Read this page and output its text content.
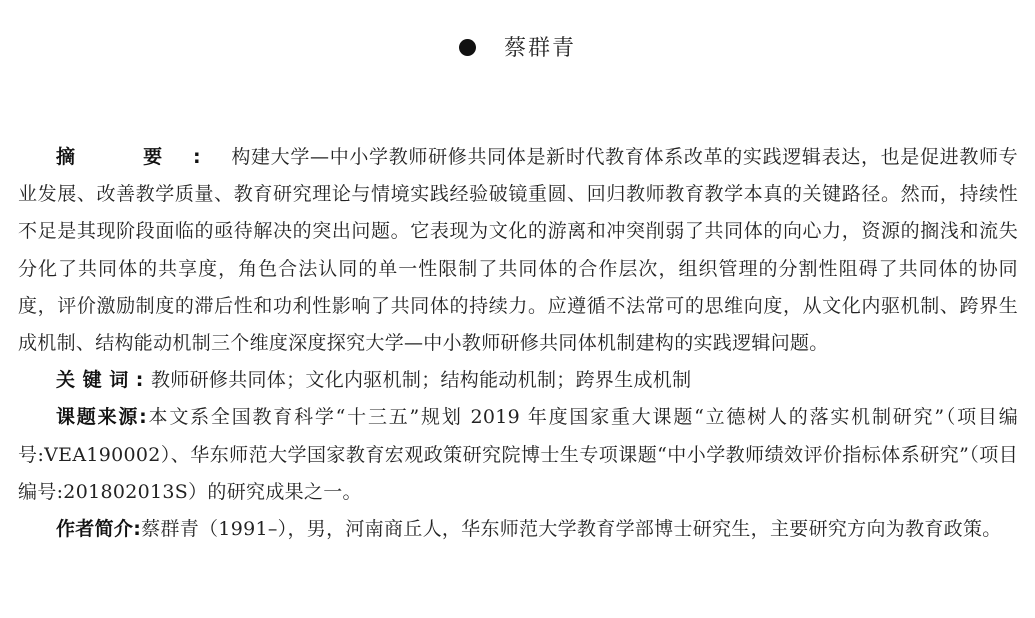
蔡群青

摘 要:构建大学—中小学教师研修共同体是新时代教育体系改革的实践逻辑表达，也是促进教师专业发展、改善教学质量、教育研究理论与情境实践经验破镜重圆、回归教师教育教学本真的关键路径。然而，持续性不足是其现阶段面临的亟待解决的突出问题。它表现为文化的游离和冲突削弱了共同体的向心力，资源的搁浅和流失分化了共同体的共享度，角色合法认同的单一性限制了共同体的合作层次，组织管理的分割性阻碍了共同体的协同度，评价激励制度的滞后性和功利性影响了共同体的持续力。应遵循不法常可的思维向度，从文化内驱机制、跨界生成机制、结构能动机制三个维度深度探究大学—中小教师研修共同体机制建构的实践逻辑问题。

关键词:教师研修共同体；文化内驱机制；结构能动机制；跨界生成机制

课题来源:本文系全国教育科学“十三五”规划 2019 年度国家重大课题“立德树人的落实机制研究”（项目编号:VEA190002）、华东师范大学国家教育宏观政策研究院博士生专项课题“中小学教师绩效评价指标体系研究”（项目编号:201802013S）的研究成果之一。

作者简介:蔡群青（1991–），男，河南商丘人，华东师范大学教育学部博士研究生，主要研究方向为教育政策。
